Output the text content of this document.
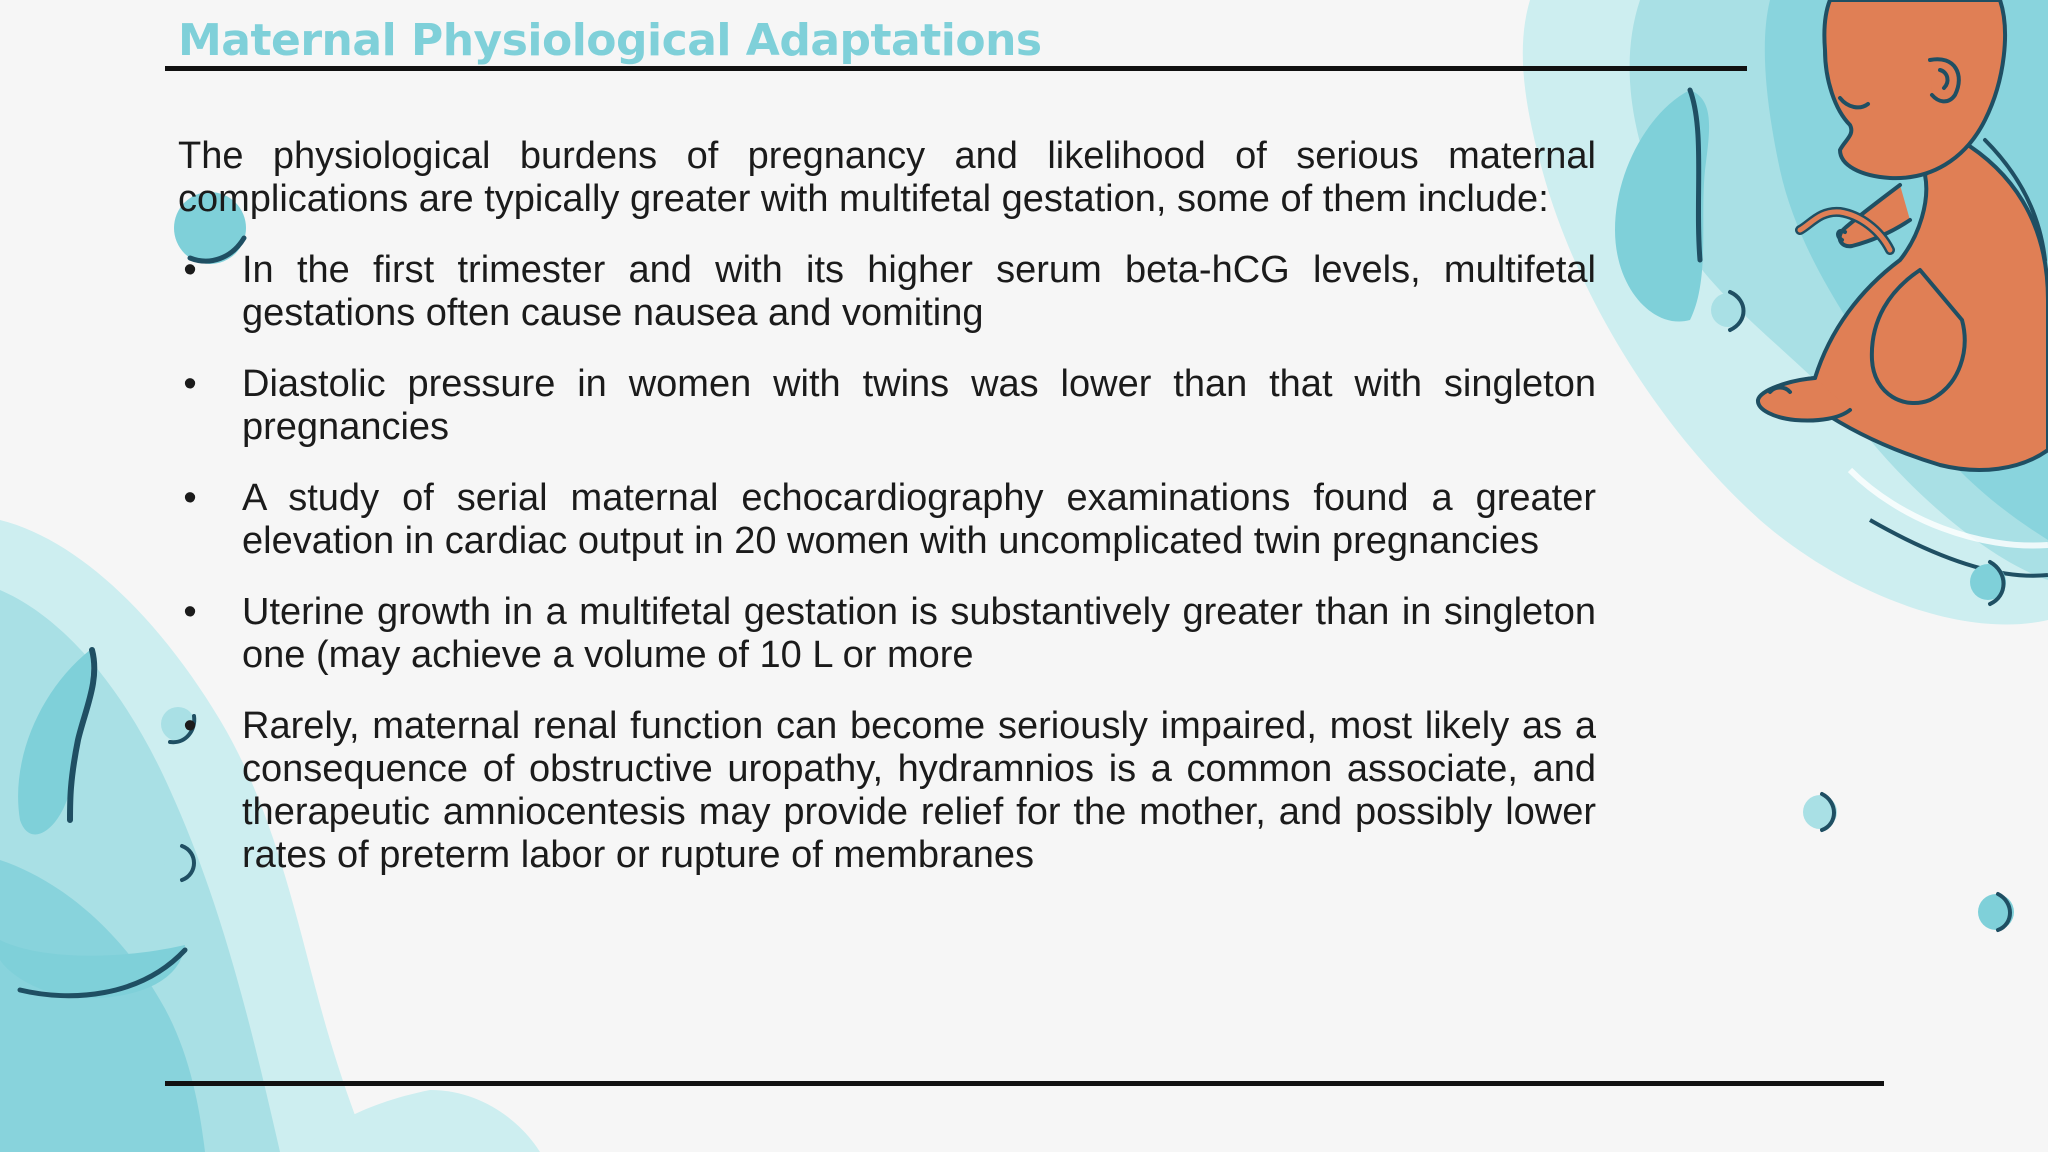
Maternal Physiological Adaptations

The physiological burdens of pregnancy and likelihood of serious maternal complications are typically greater with multifetal gestation, some of them include:

• In the first trimester and with its higher serum beta-hCG levels, multifetal gestations often cause nausea and vomiting
• Diastolic pressure in women with twins was lower than that with singleton pregnancies
• A study of serial maternal echocardiography examinations found a greater elevation in cardiac output in 20 women with uncomplicated twin pregnancies
• Uterine growth in a multifetal gestation is substantively greater than in singleton one (may achieve a volume of 10 L or more
• Rarely, maternal renal function can become seriously impaired, most likely as a consequence of obstructive uropathy, hydramnios is a common associate, and therapeutic amniocentesis may provide relief for the mother, and possibly lower rates of preterm labor or rupture of membranes
